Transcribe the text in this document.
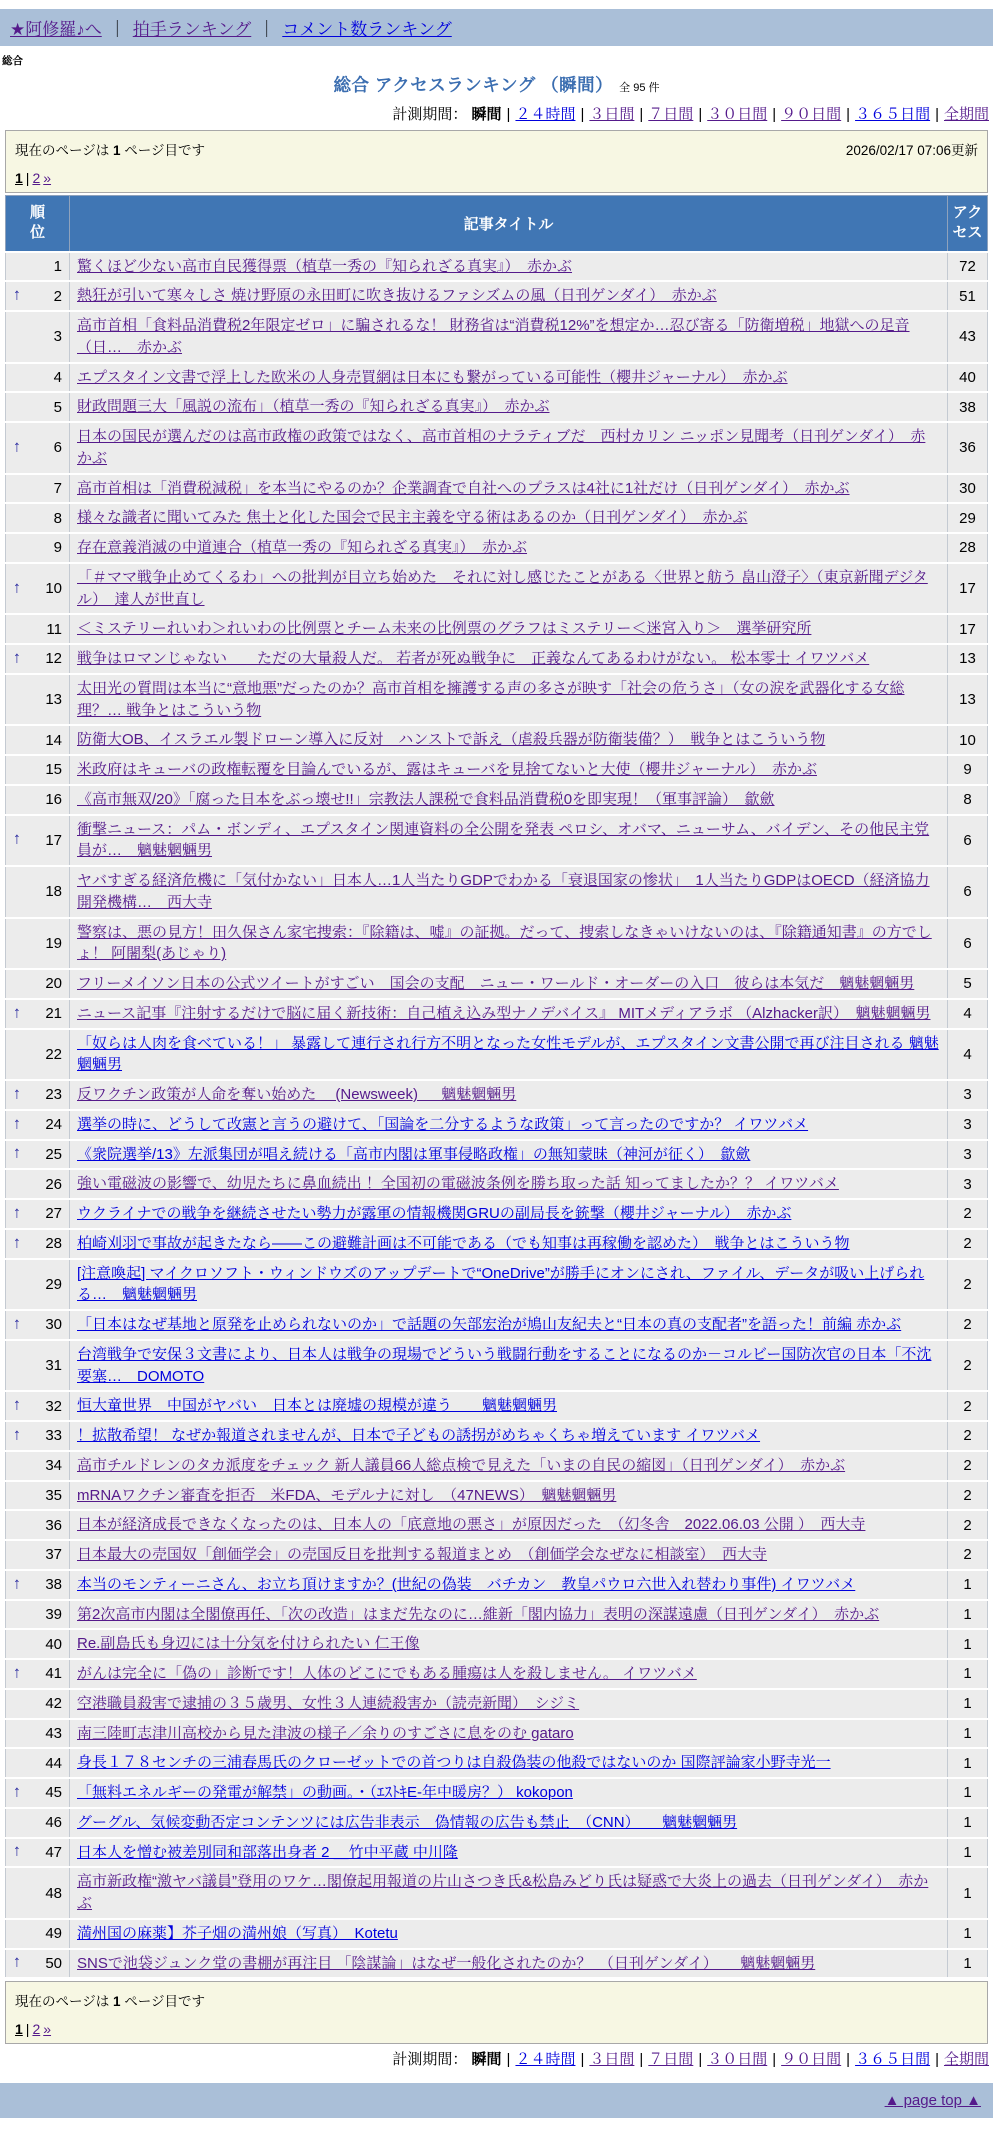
★阿修羅♪へ ｜ 拍手ランキング ｜ コメント数ランキング
総合
総合 アクセスランキング （瞬間） 全 95 件
計測期間： 瞬間 | ２４時間 | ３日間 | ７日間 | ３０日間 | ９０日間 | ３６５日間 | 全期間
現在のページは 1 ページ目です	2026/02/17 07:06更新
1 | 2 »
順位	記事タイトル	アクセス
1	驚くほど少ない高市自民獲得票（植草一秀の『知られざる真実』）　赤かぶ	72

↑ 2	熱狂が引いて寒々しさ 焼け野原の永田町に吹き抜けるファシズムの風（日刊ゲンダイ）　赤かぶ	51
3	高市首相「食料品消費税2年限定ゼロ」に騙されるな！ 財務省は“消費税12%”を想定か…忍び寄る「防衛増税」地獄への足音（日…　赤かぶ	43
4	エプスタイン文書で浮上した欧米の人身売買網は日本にも繋がっている可能性（櫻井ジャーナル）　赤かぶ	40
5	財政問題三大「風説の流布」（植草一秀の『知られざる真実』）　赤かぶ	38

↑ 6	日本の国民が選んだのは高市政権の政策ではなく、高市首相のナラティブだ　西村カリン ニッポン見聞考（日刊ゲンダイ）　赤かぶ	36
7	高市首相は「消費税減税」を本当にやるのか？企業調査で自社へのプラスは4社に1社だけ（日刊ゲンダイ）　赤かぶ	30
8	様々な識者に聞いてみた 焦土と化した国会で民主主義を守る術はあるのか（日刊ゲンダイ）　赤かぶ	29
9	存在意義消滅の中道連合（植草一秀の『知られざる真実』）　赤かぶ	28

↑ 10	「＃ママ戦争止めてくるわ」への批判が目立ち始めた　それに対し感じたことがある〈世界と舫う 畠山澄子〉（東京新聞デジタル）　達人が世直し	17
11	＜ミステリーれいわ＞れいわの比例票とチーム未来の比例票のグラフはミステリー＜迷宮入り＞　選挙研究所	17

↑ 12	戦争はロマンじゃない　　ただの大量殺人だ。 若者が死ぬ戦争に　正義なんてあるわけがない。 松本零士 イワツバメ	13
13	太田光の質問は本当に“意地悪”だったのか？高市首相を擁護する声の多さが映す「社会の危うさ」（女の涙を武器化する女総理？… 戦争とはこういう物	13
14	防衛大OB、イスラエル製ドローン導入に反対　ハンストで訴え（虐殺兵器が防衛装備？）　戦争とはこういう物	10
15	米政府はキューバの政権転覆を目論んでいるが、露はキューバを見捨てないと大使（櫻井ジャーナル）　赤かぶ	9
16	《高市無双/20》「腐った日本をぶっ壊せ!!」宗教法人課税で食料品消費税0を即実現！（軍事評論）　歙歛	8

↑ 17	衝撃ニュース：パム・ボンディ、エプスタイン関連資料の全公開を発表 ペロシ、オバマ、ニューサム、バイデン、その他民主党員が…　魑魅魍魎男	6
18	ヤバすぎる経済危機に「気付かない」日本人…1人当たりGDPでわかる「衰退国家の惨状」　1人当たりGDPはOECD（経済協力開発機構…　西大寺	6
19	警察は、悪の見方！田久保さん家宅捜索：『除籍は、嘘』の証拠。だって、捜索しなきゃいけないのは、『除籍通知書』の方でしょ！ 阿闍梨(あじゃり)	6
20	フリーメイソン日本の公式ツイートがすごい　国会の支配　ニュー・ワールド・オーダーの入口　彼らは本気だ　魑魅魍魎男	5

↑ 21	ニュース記事『注射するだけで脳に届く新技術：自己植え込み型ナノデバイス』 MITメディアラボ （Alzhacker訳）　魑魅魍魎男	4
22	「奴らは人肉を食べている！」 暴露して連行され行方不明となった女性モデルが、エプスタイン文書公開で再び注目される 魑魅魍魎男	4

↑ 23	反ワクチン政策が人命を奪い始めた　 (Newsweek) 　 魑魅魍魎男	3

↑ 24	選挙の時に、どうして改憲と言うの避けて、「国論を二分するような政策」って言ったのですか？ イワツバメ	3

↑ 25	《衆院選挙/13》左派集団が唱え続ける「高市内閣は軍事侵略政権」の無知蒙昧（神河が征く）　歙歛	3
26	強い電磁波の影響で、幼児たちに鼻血続出 ！全国初の電磁波条例を勝ち取った話 知ってましたか？？ イワツバメ	3

↑ 27	ウクライナでの戦争を継続させたい勢力が露軍の情報機関GRUの副局長を銃撃（櫻井ジャーナル）　赤かぶ	2

↑ 28	柏崎刈羽で事故が起きたなら――この避難計画は不可能である（でも知事は再稼働を認めた）　戦争とはこういう物	2
29	[注意喚起] マイクロソフト・ウィンドウズのアップデートで“OneDrive”が勝手にオンにされ、ファイル、データが吸い上げられる…　魑魅魍魎男	2

↑ 30	「日本はなぜ基地と原発を止められないのか」で話題の矢部宏治が鳩山友紀夫と“日本の真の支配者”を語った！前編 赤かぶ	2
31	台湾戦争で安保３文書により、日本人は戦争の現場でどういう戦闘行動をすることになるのか－コルビー国防次官の日本「不沈要塞…　DOMOTO	2

↑ 32	恒大童世界　中国がヤバい　日本とは廃墟の規模が違う　　魑魅魍魎男	2

↑ 33	！拡散希望！ なぜか報道されませんが、日本で子どもの誘拐がめちゃくちゃ増えています イワツバメ	2
34	高市チルドレンのタカ派度をチェック 新人議員66人総点検で見えた「いまの自民の縮図」（日刊ゲンダイ）　赤かぶ	2
35	mRNAワクチン審査を拒否　米FDA、モデルナに対し　（47NEWS）　魑魅魍魎男	2
36	日本が経済成長できなくなったのは、日本人の「底意地の悪さ」が原因だった　（幻冬舎　2022.06.03 公開 ）　西大寺	2
37	日本最大の売国奴「創価学会」の売国反日を批判する報道まとめ　（創価学会なぜなに相談室）　西大寺	2

↑ 38	本当のモンティーニさん、お立ち頂けますか？(世紀の偽装　バチカン　教皇パウロ六世入れ替わり事件) イワツバメ	1
39	第2次高市内閣は全閣僚再任、「次の改造」はまだ先なのに…維新「閣内協力」表明の深謀遠慮（日刊ゲンダイ）　赤かぶ	1
40	Re.副島氏も身辺には十分気を付けられたい 仁王像	1

↑ 41	がんは完全に「偽の」診断です！人体のどこにでもある腫瘍は人を殺しません。 イワツバメ	1
42	空港職員殺害で逮捕の３５歳男、女性３人連続殺害か（読売新聞）　シジミ	1
43	南三陸町志津川高校から見た津波の様子／余りのすごさに息をのむ gataro	1
44	身長１７８センチの三浦春馬氏のクローゼットでの首つりは自殺偽装の他殺ではないのか 国際評論家小野寺光一	1

↑ 45	「無料エネルギーの発電が解禁」の動画。・（ｴｽﾄｷE-年中暖房？） kokopon	1
46	グーグル、気候変動否定コンテンツには広告非表示　偽情報の広告も禁止　（CNN）　　魑魅魍魎男	1

↑ 47	日本人を憎む被差別同和部落出身者 2 ＿竹中平蔵 中川隆	1
48	高市新政権“激ヤバ議員”登用のワケ…閣僚起用報道の片山さつき氏&松島みどり氏は疑惑で大炎上の過去（日刊ゲンダイ）　赤かぶ	1
49	満州国の麻薬】芥子畑の満州娘（写真）　Kotetu	1

↑ 50	SNSで池袋ジュンク堂の書棚が再注目 「陰謀論」はなぜ一般化されたのか？　（日刊ゲンダイ）　　魑魅魍魎男	1
現在のページは 1 ページ目です
1 | 2 »
計測期間： 瞬間 | ２４時間 | ３日間 | ７日間 | ３０日間 | ９０日間 | ３６５日間 | 全期間
▲ page top ▲
